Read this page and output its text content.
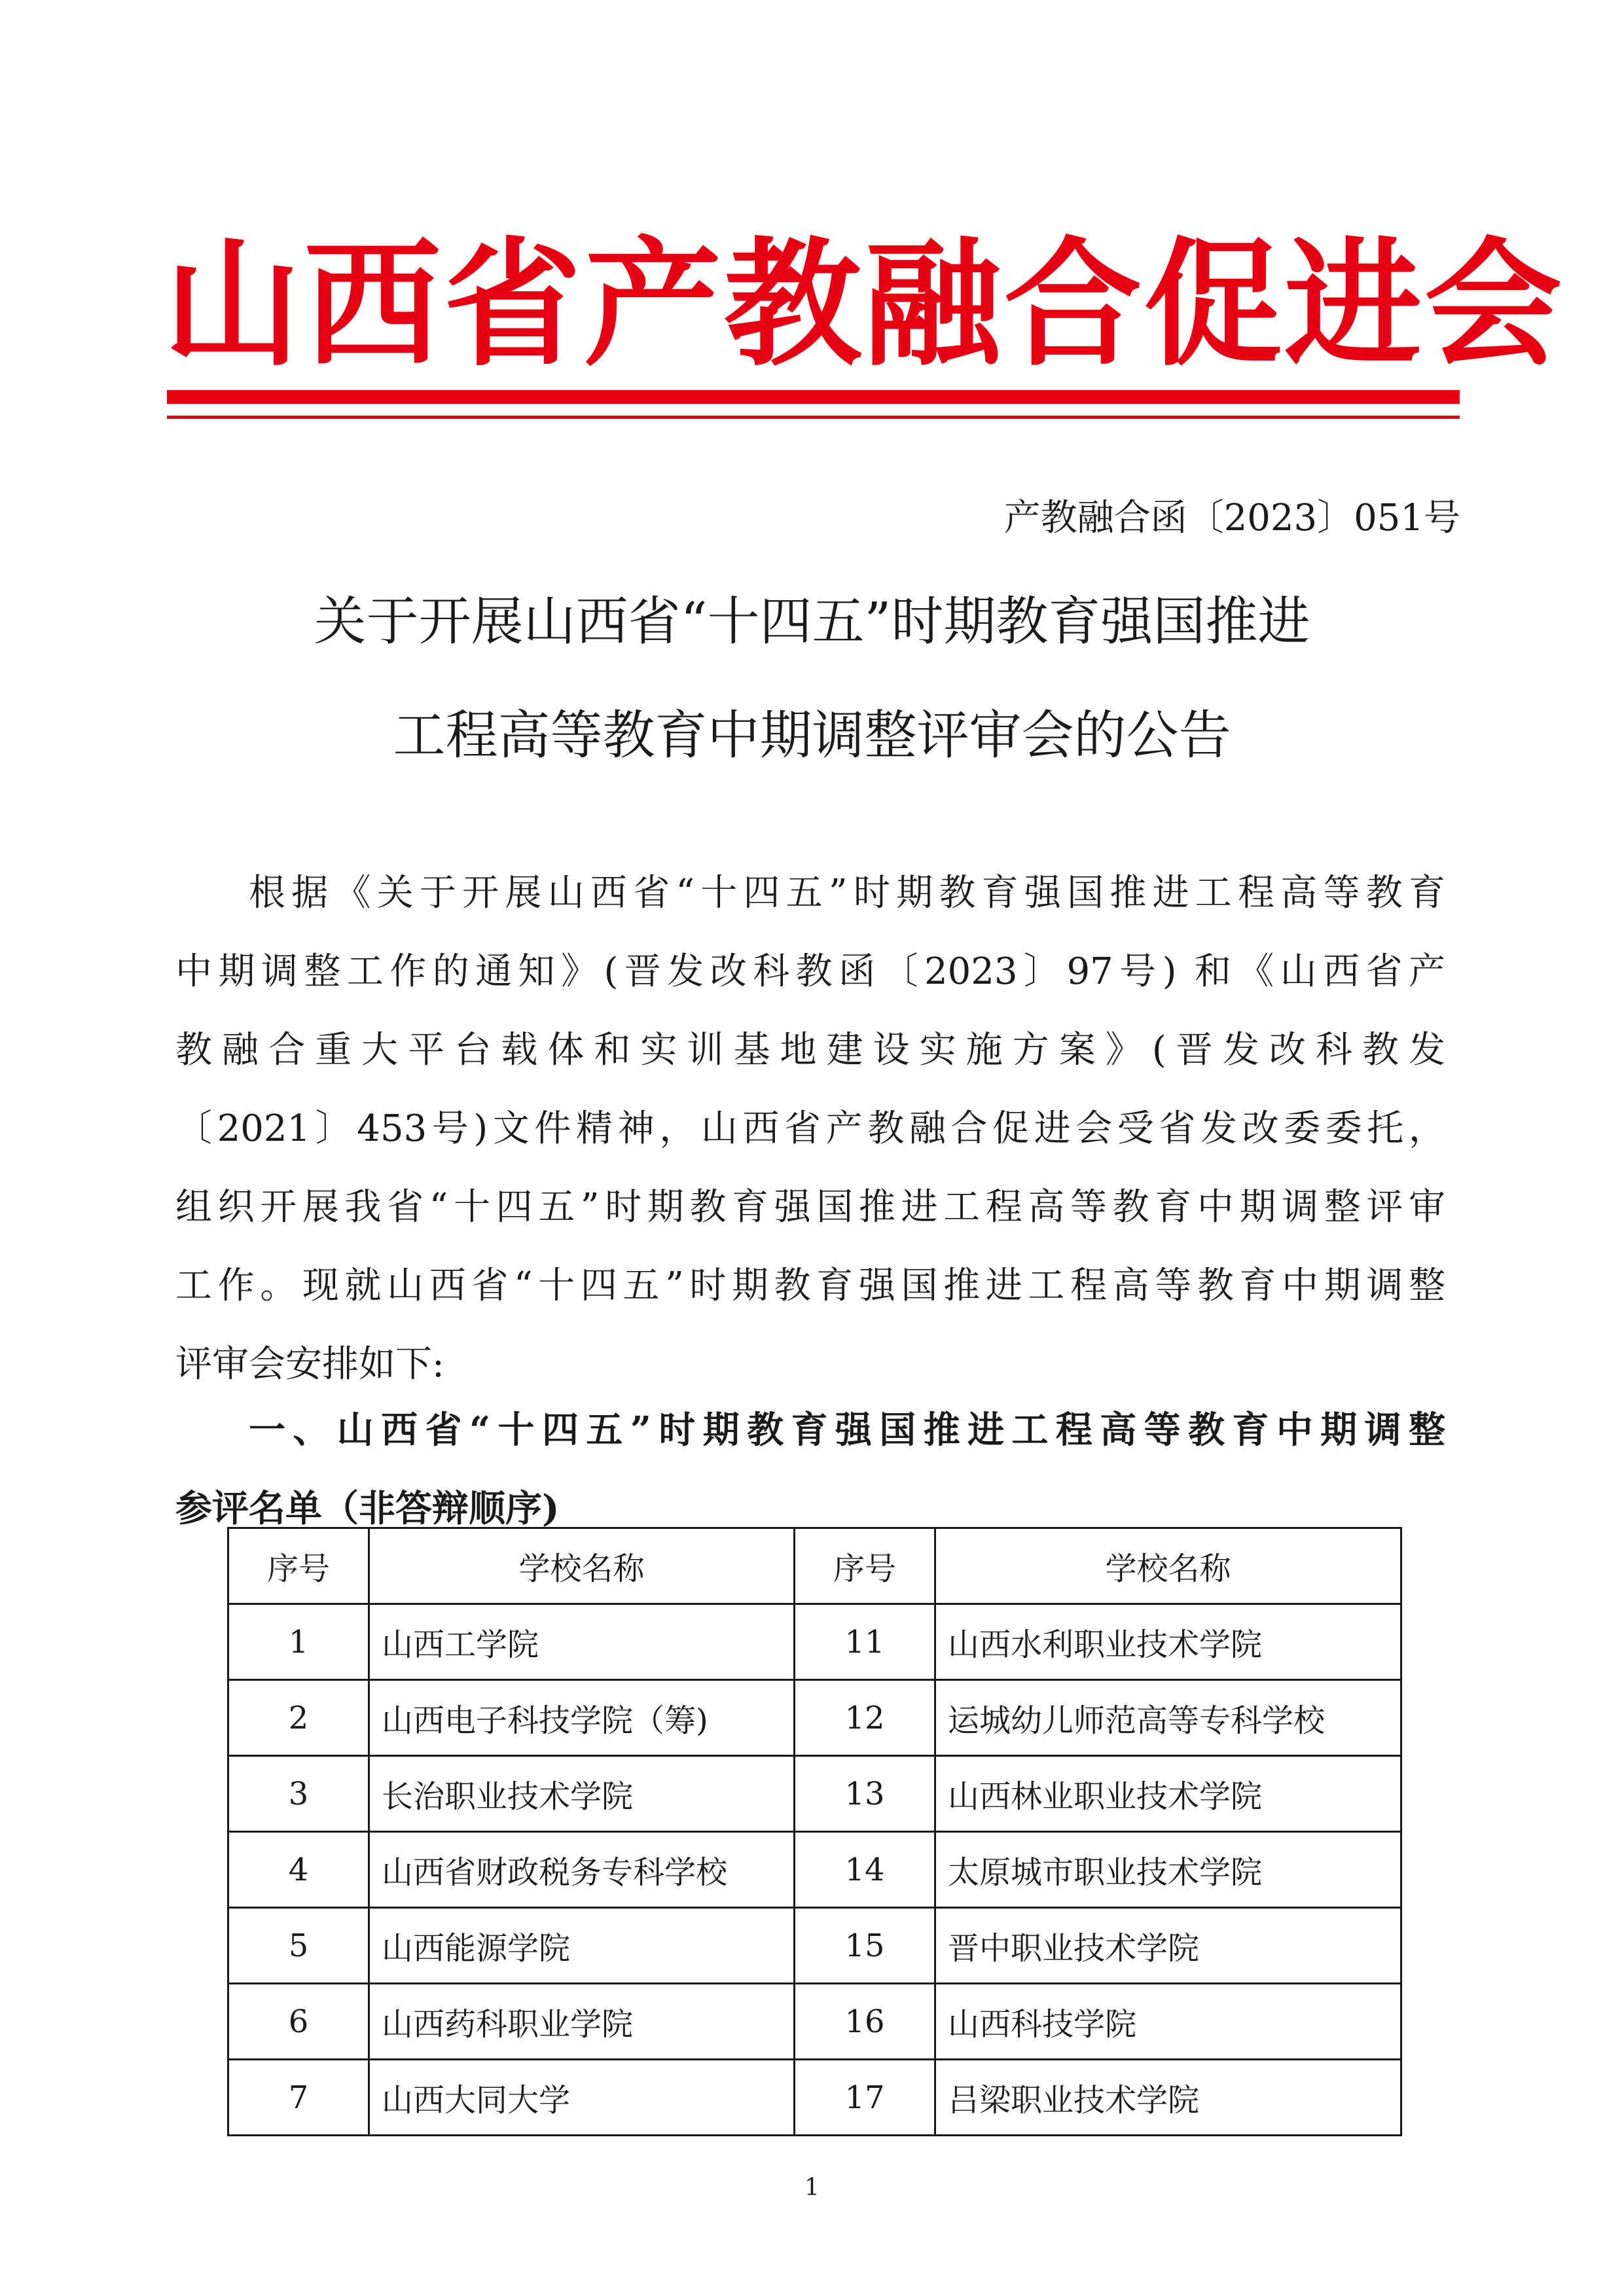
山西省产教融合促进会
产教融合函〔2023〕051号
关于开展山西省“十四五”时期教育强国推进
工程高等教育中期调整评审会的公告

根据《关于开展山西省“十四五”时期教育强国推进工程高等教育
中期调整工作的通知》(晋发改科教函〔2023〕97号) 和《山西省产
教融合重大平台载体和实训基地建设实施方案》(晋发改科教发
〔2021〕453号)文件精神，山西省产教融合促进会受省发改委委托，
组织开展我省“十四五”时期教育强国推进工程高等教育中期调整评审
工作。现就山西省“十四五”时期教育强国推进工程高等教育中期调整
评审会安排如下:

一、山西省“十四五”时期教育强国推进工程高等教育中期调整
参评名单（非答辩顺序)

序号	学校名称	序号	学校名称
1	山西工学院	11	山西水利职业技术学院
2	山西电子科技学院（筹)	12	运城幼儿师范高等专科学校
3	长治职业技术学院	13	山西林业职业技术学院
4	山西省财政税务专科学校	14	太原城市职业技术学院
5	山西能源学院	15	晋中职业技术学院
6	山西药科职业学院	16	山西科技学院
7	山西大同大学	17	吕梁职业技术学院
1
